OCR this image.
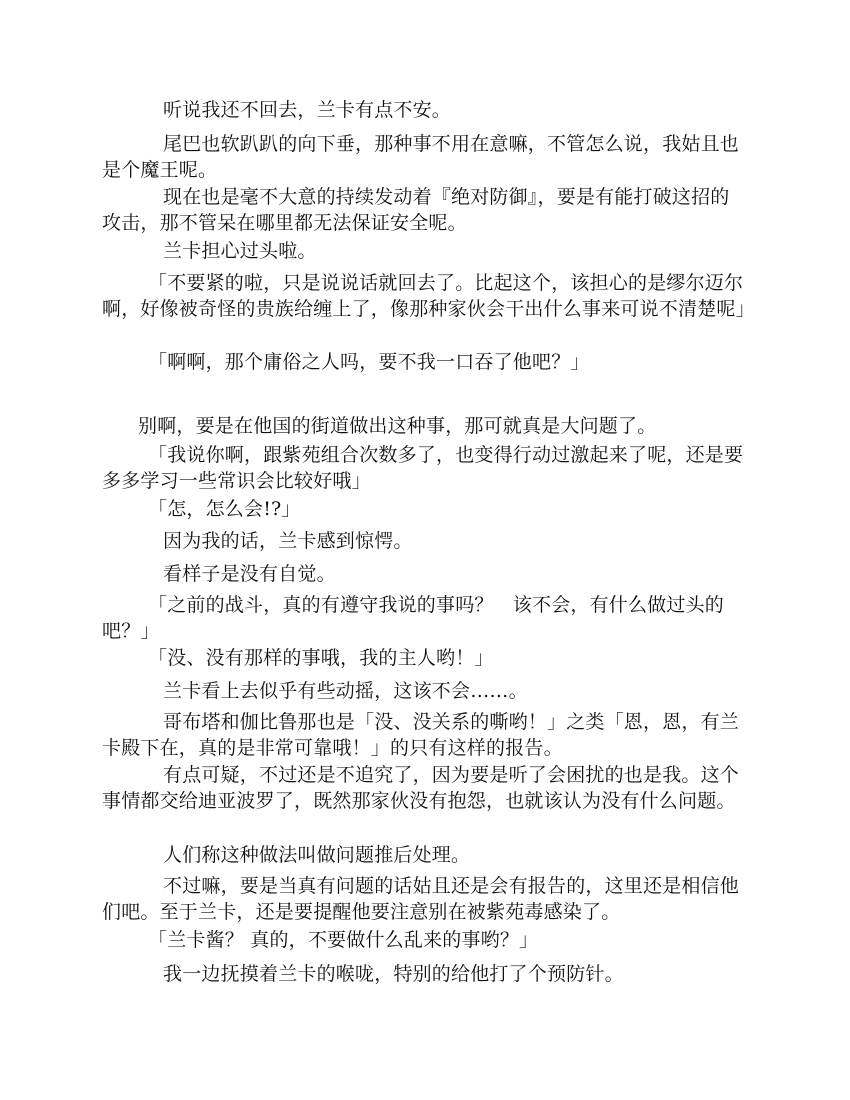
听说我还不回去，兰卡有点不安。

尾巴也软趴趴的向下垂，那种事不用在意嘛，不管怎么说，我姑且也是个魔王呢。

现在也是毫不大意的持续发动着『绝对防御』，要是有能打破这招的攻击，那不管呆在哪里都无法保证安全呢。

兰卡担心过头啦。

「不要紧的啦，只是说说话就回去了。比起这个，该担心的是缪尔迈尔啊，好像被奇怪的贵族给缠上了，像那种家伙会干出什么事来可说不清楚呢」

「啊啊，那个庸俗之人吗，要不我一口吞了他吧？」

别啊，要是在他国的街道做出这种事，那可就真是大问题了。

「我说你啊，跟紫苑组合次数多了，也变得行动过激起来了呢，还是要多多学习一些常识会比较好哦」

「怎，怎么会!?」

因为我的话，兰卡感到惊愕。

看样子是没有自觉。

「之前的战斗，真的有遵守我说的事吗？　该不会，有什么做过头的吧？」

「没、没有那样的事哦，我的主人哟！」

兰卡看上去似乎有些动摇，这该不会……。

哥布塔和伽比鲁那也是「没、没关系的嘶哟！」之类「恩，恩，有兰卡殿下在，真的是非常可靠哦！」的只有这样的报告。

有点可疑，不过还是不追究了，因为要是听了会困扰的也是我。这个事情都交给迪亚波罗了，既然那家伙没有抱怨，也就该认为没有什么问题。

人们称这种做法叫做问题推后处理。

不过嘛，要是当真有问题的话姑且还是会有报告的，这里还是相信他们吧。至于兰卡，还是要提醒他要注意别在被紫苑毒感染了。

「兰卡酱？ 真的，不要做什么乱来的事哟？」

我一边抚摸着兰卡的喉咙，特别的给他打了个预防针。
